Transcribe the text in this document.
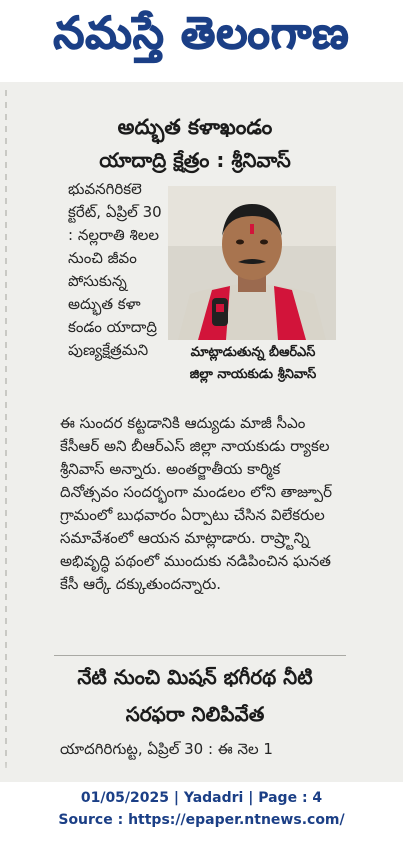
నమస్తే తెలంగాణ
అద్భుత కళాఖండం
యాదాద్రి క్షేత్రం : శ్రీనివాస్

భువనగిరికలె క్టరేట్, ఏప్రిల్ 30 : నల్లరాతి శిలల నుంచి జీవం పోసుకున్న అద్భుత కళా కండం యాదాద్రి పుణ్యక్షేత్రమని	మాట్లాడుతున్న బీఆర్ఎస్
జిల్లా నాయకుడు శ్రీనివాస్

ఈ సుందర కట్టడానికి ఆద్యుడు మాజీ సీఎం కేసీఆర్ అని బీఆర్ఎస్ జిల్లా నాయకుడు ర్యాకల శ్రీనివాస్ అన్నారు. అంతర్జాతీయ కార్మిక దినోత్సవం సందర్భంగా మండలం లోని తాజ్పూర్ గ్రామంలో బుధవారం ఏర్పాటు చేసిన విలేకరుల సమావేశంలో ఆయన మాట్లాడారు. రాష్ర్టాన్ని అభివృద్ధి పథంలో ముందుకు నడిపించిన ఘనత కేసీ ఆర్కే దక్కుతుందన్నారు.

నేటి నుంచి మిషన్ భగీరథ నీటి
సరఫరా నిలిపివేత

యాదగిరిగుట్ట, ఏప్రిల్ 30 : ఈ నెల 1

01/05/2025 | Yadadri | Page : 4
Source : https://epaper.ntnews.com/
